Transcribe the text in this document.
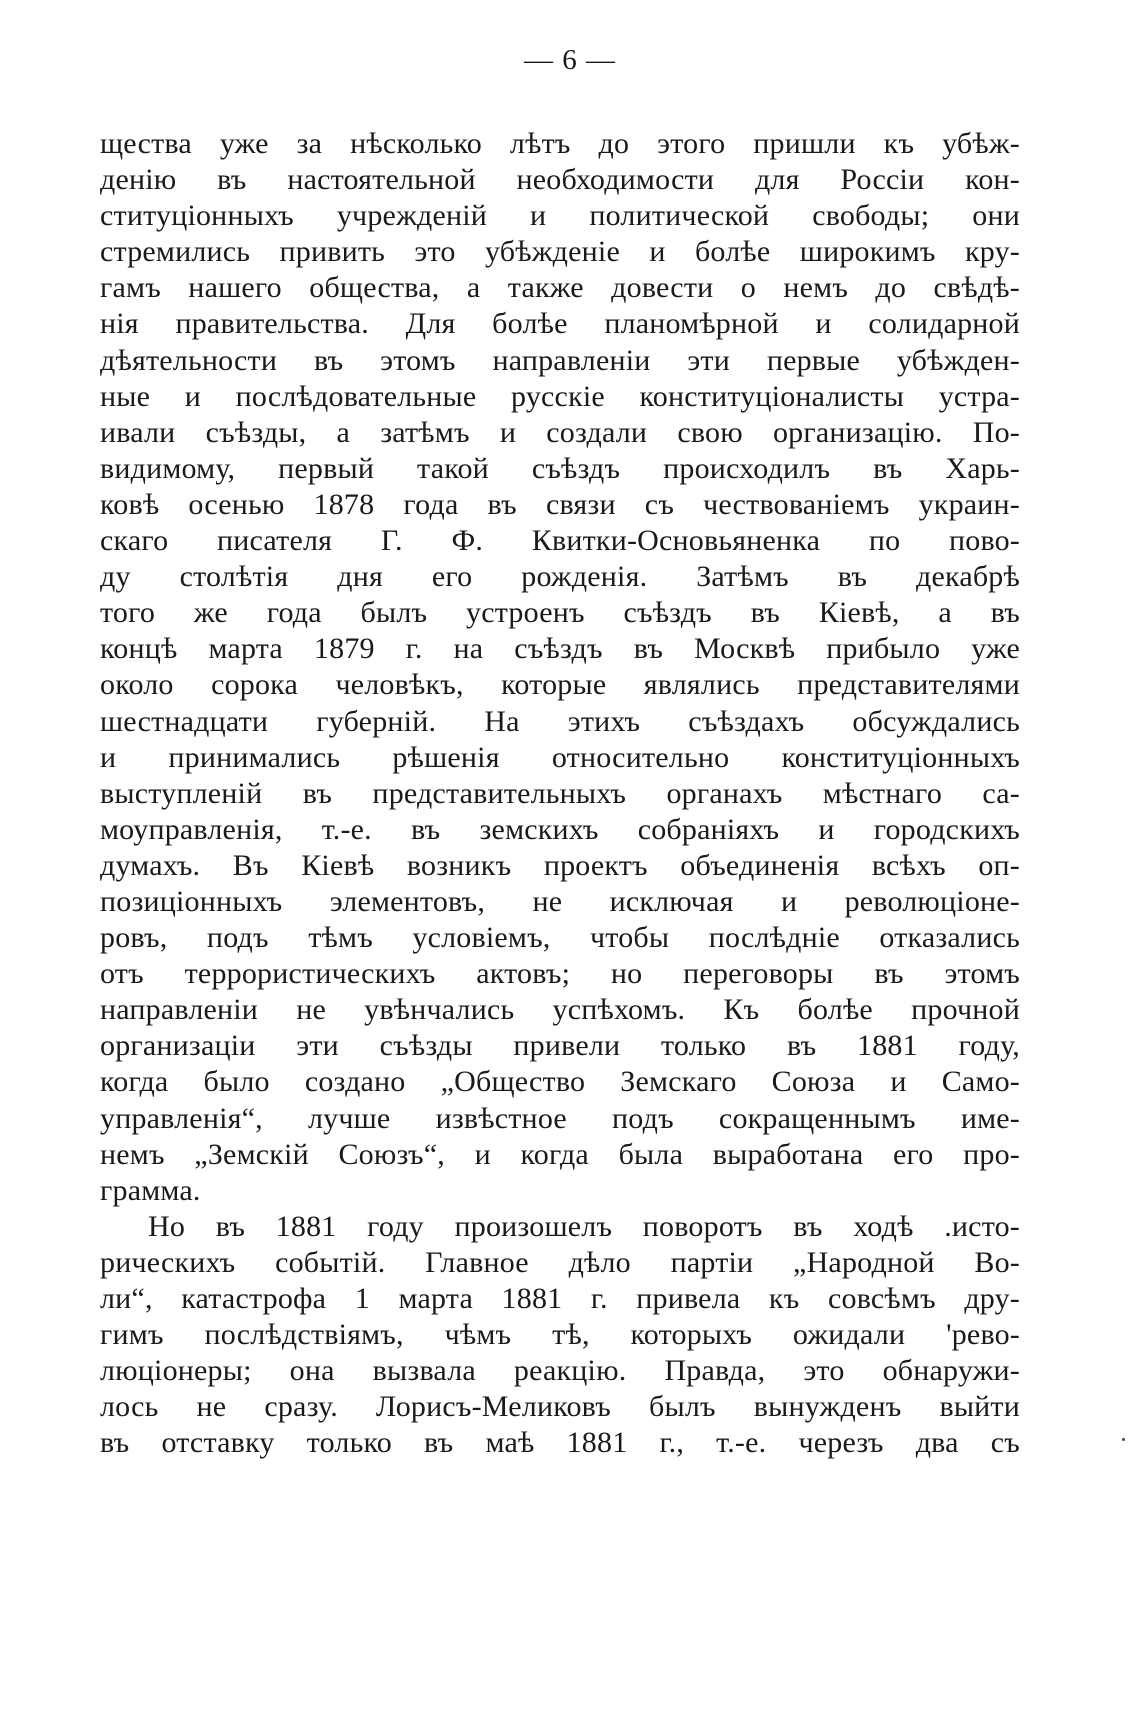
— 6 —
щества уже за нѣсколько лѣтъ до этого пришли къ убѣж-
денію въ настоятельной необходимости для Россіи кон-
ституціонныхъ учрежденій и политической свободы; они
стремились привить это убѣжденіе и болѣе широкимъ кру-
гамъ нашего общества, а также довести о немъ до свѣдѣ-
нія правительства. Для болѣе планомѣрной и солидарной
дѣятельности въ этомъ направленіи эти первые убѣжден-
ные и послѣдовательные русскіе конституціоналисты устра-
ивали съѣзды, а затѣмъ и создали свою организацію. По-
видимому, первый такой съѣздъ происходилъ въ Харь-
ковѣ осенью 1878 года въ связи съ чествованіемъ украин-
скаго писателя Г. Ф. Квитки-Основьяненка по пово-
ду столѣтія дня его рожденія. Затѣмъ въ декабрѣ
того же года былъ устроенъ съѣздъ въ Кіевѣ, а въ
концѣ марта 1879 г. на съѣздъ въ Москвѣ прибыло уже
около сорока человѣкъ, которые являлись представителями
шестнадцати губерній. На этихъ съѣздахъ обсуждались
и принимались рѣшенія относительно конституціонныхъ
выступленій въ представительныхъ органахъ мѣстнаго са-
моуправленія, т.-е. въ земскихъ собраніяхъ и городскихъ
думахъ. Въ Кіевѣ возникъ проектъ объединенія всѣхъ оп-
позиціонныхъ элементовъ, не исключая и революціоне-
ровъ, подъ тѣмъ условіемъ, чтобы послѣдніе отказались
отъ террористическихъ актовъ; но переговоры въ этомъ
направленіи не увѣнчались успѣхомъ. Къ болѣе прочной
организаціи эти съѣзды привели только въ 1881 году,
когда было создано „Общество Земскаго Союза и Само-
управленія“, лучше извѣстное подъ сокращеннымъ име-
немъ „Земскій Союзъ“, и когда была выработана его про-
грамма.
Но въ 1881 году произошелъ поворотъ въ ходѣ .исто-
рическихъ событій. Главное дѣло партіи „Народной Во-
ли“, катастрофа 1 марта 1881 г. привела къ совсѣмъ дру-
гимъ послѣдствіямъ, чѣмъ тѣ, которыхъ ожидали 'рево-
люціонеры; она вызвала реакцію. Правда, это обнаружи-
лось не сразу. Лорисъ-Меликовъ былъ вынужденъ выйти
въ отставку только въ маѣ 1881 г., т.-е. черезъ два съ
